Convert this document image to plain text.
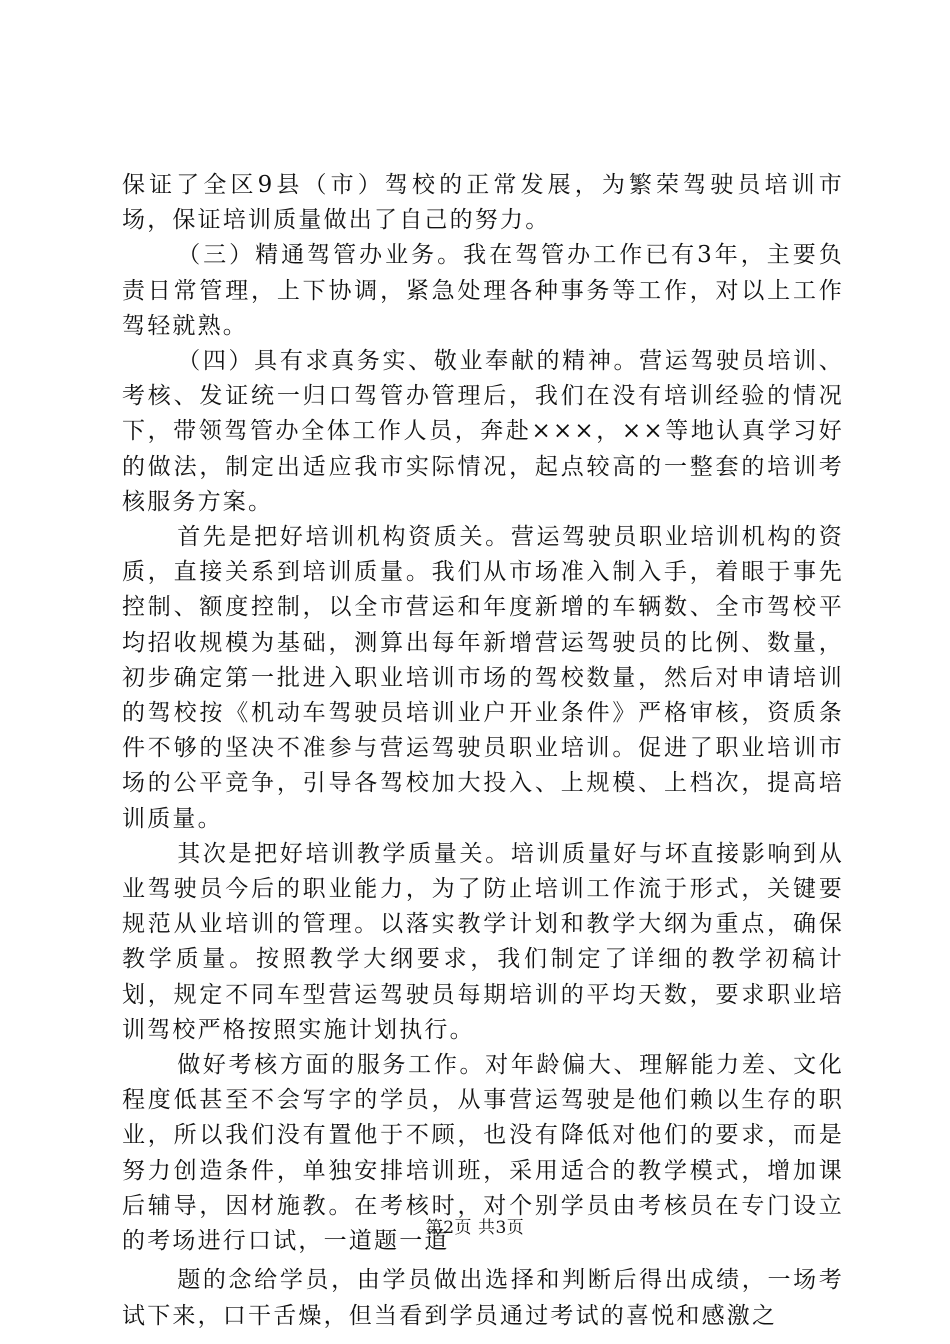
保证了全区9县（市）驾校的正常发展，为繁荣驾驶员培训市场，保证培训质量做出了自己的努力。

（三）精通驾管办业务。我在驾管办工作已有3年，主要负责日常管理，上下协调，紧急处理各种事务等工作，对以上工作驾轻就熟。

（四）具有求真务实、敬业奉献的精神。营运驾驶员培训、考核、发证统一归口驾管办管理后，我们在没有培训经验的情况下，带领驾管办全体工作人员，奔赴×××，××等地认真学习好的做法，制定出适应我市实际情况，起点较高的一整套的培训考核服务方案。

首先是把好培训机构资质关。营运驾驶员职业培训机构的资质，直接关系到培训质量。我们从市场准入制入手，着眼于事先控制、额度控制，以全市营运和年度新增的车辆数、全市驾校平均招收规模为基础，测算出每年新增营运驾驶员的比例、数量，初步确定第一批进入职业培训市场的驾校数量，然后对申请培训的驾校按《机动车驾驶员培训业户开业条件》严格审核，资质条件不够的坚决不准参与营运驾驶员职业培训。促进了职业培训市场的公平竞争，引导各驾校加大投入、上规模、上档次，提高培训质量。

其次是把好培训教学质量关。培训质量好与坏直接影响到从业驾驶员今后的职业能力，为了防止培训工作流于形式，关键要规范从业培训的管理。以落实教学计划和教学大纲为重点，确保教学质量。按照教学大纲要求，我们制定了详细的教学初稿计划，规定不同车型营运驾驶员每期培训的平均天数，要求职业培训驾校严格按照实施计划执行。

做好考核方面的服务工作。对年龄偏大、理解能力差、文化程度低甚至不会写字的学员，从事营运驾驶是他们赖以生存的职业，所以我们没有置他于不顾，也没有降低对他们的要求，而是努力创造条件，单独安排培训班，采用适合的教学模式，增加课后辅导，因材施教。在考核时，对个别学员由考核员在专门设立的考场进行口试，一道题一道

题的念给学员，由学员做出选择和判断后得出成绩，一场考试下来，口干舌燥，但当看到学员通过考试的喜悦和感激之

第2页 共3页
